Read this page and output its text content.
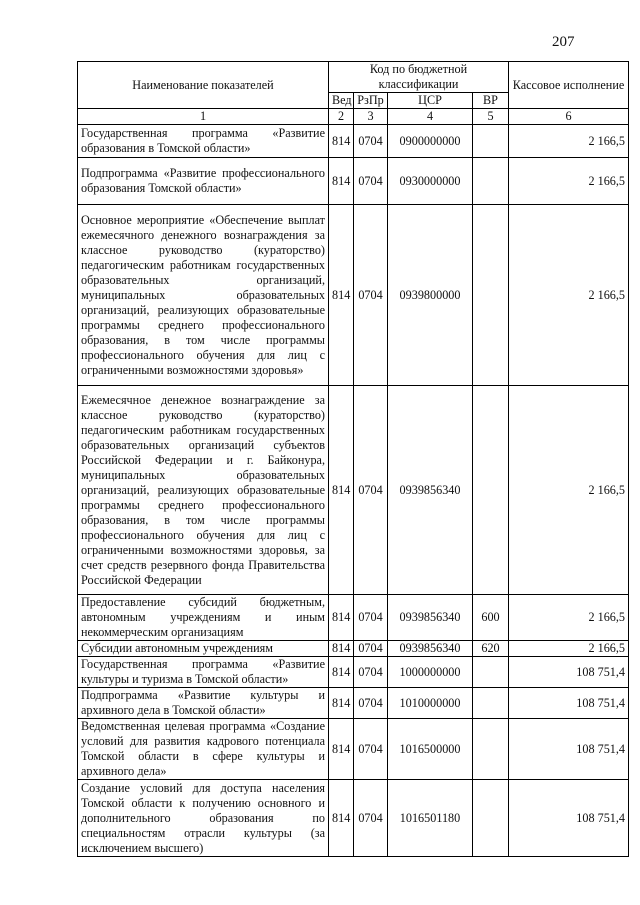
207
Наименование показателей	Код по бюджетной классификации				Кассовое исполнение
	Вед	РзПр	ЦСР	ВР	
1	2	3	4	5	6
Государственная программа «Развитие образования в Томской области»	814	0704	0900000000		2 166,5
Подпрограмма «Развитие профессионального образования Томской области»	814	0704	0930000000		2 166,5
Основное мероприятие «Обеспечение выплат ежемесячного денежного вознаграждения за классное руководство (кураторство) педагогическим работникам государственных образовательных организаций, муниципальных образовательных организаций, реализующих образовательные программы среднего профессионального образования, в том числе программы профессионального обучения для лиц с ограниченными возможностями здоровья»	814	0704	0939800000		2 166,5
Ежемесячное денежное вознаграждение за классное руководство (кураторство) педагогическим работникам государственных образовательных организаций субъектов Российской Федерации и г. Байконура, муниципальных образовательных организаций, реализующих образовательные программы среднего профессионального образования, в том числе программы профессионального обучения для лиц с ограниченными возможностями здоровья, за счет средств резервного фонда Правительства Российской Федерации	814	0704	0939856340		2 166,5
Предоставление субсидий бюджетным, автономным учреждениям и иным некоммерческим организациям	814	0704	0939856340	600	2 166,5
Субсидии автономным учреждениям	814	0704	0939856340	620	2 166,5
Государственная программа «Развитие культуры и туризма в Томской области»	814	0704	1000000000		108 751,4
Подпрограмма «Развитие культуры и архивного дела в Томской области»	814	0704	1010000000		108 751,4
Ведомственная целевая программа «Создание условий для развития кадрового потенциала Томской области в сфере культуры и архивного дела»	814	0704	1016500000		108 751,4
Создание условий для доступа населения Томской области к получению основного и дополнительного образования по специальностям отрасли культуры (за исключением высшего)	814	0704	1016501180		108 751,4
